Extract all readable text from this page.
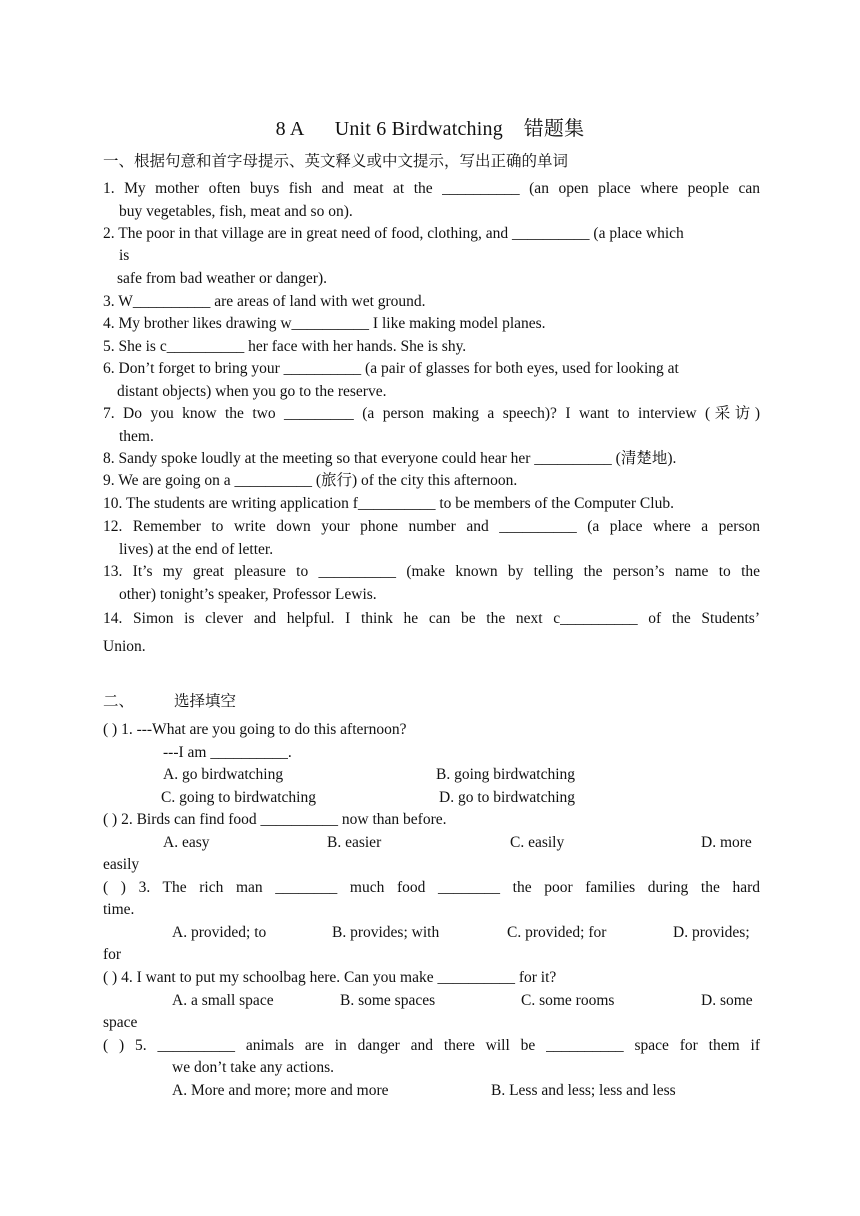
8 A Unit 6 Birdwatching 错题集
一、根据句意和首字母提示、英文释义或中文提示，写出正确的单词
1. My mother often buys fish and meat at the __________ (an open place where people can
buy vegetables, fish, meat and so on).
2. The poor in that village are in great need of food, clothing, and __________ (a place which
is
safe from bad weather or danger).
3. W__________ are areas of land with wet ground.
4. My brother likes drawing w__________ I like making model planes.
5. She is c__________ her face with her hands. She is shy.
6. Don’t forget to bring your __________ (a pair of glasses for both eyes, used for looking at
distant objects) when you go to the reserve.
7. Do you know the two _________ (a person making a speech)? I want to interview (采访)
them.
8. Sandy spoke loudly at the meeting so that everyone could hear her __________ (清楚地).
9. We are going on a __________ (旅行) of the city this afternoon.
10. The students are writing application f__________ to be members of the Computer Club.
12. Remember to write down your phone number and __________ (a place where a person
lives) at the end of letter.
13. It’s my great pleasure to __________ (make known by telling the person’s name to the
other) tonight’s speaker, Professor Lewis.
14. Simon is clever and helpful. I think he can be the next c__________ of the Students’
Union.
二、	选择填空
( ) 1. ---What are you going to do this afternoon?
---I am __________.
A. go birdwatching	B. going birdwatching
C. going to birdwatching	D. go to birdwatching
( ) 2. Birds can find food __________ now than before.
A. easy	B. easier	C. easily	D. more
easily
( ) 3. The rich man ________ much food ________ the poor families during the hard
time.
A. provided; to	B. provides; with	C. provided; for	D. provides;
for
( ) 4. I want to put my schoolbag here. Can you make __________ for it?
A. a small space	B. some spaces	C. some rooms	D. some
space
( ) 5. __________ animals are in danger and there will be __________ space for them if
we don’t take any actions.
A. More and more; more and more	B. Less and less; less and less
